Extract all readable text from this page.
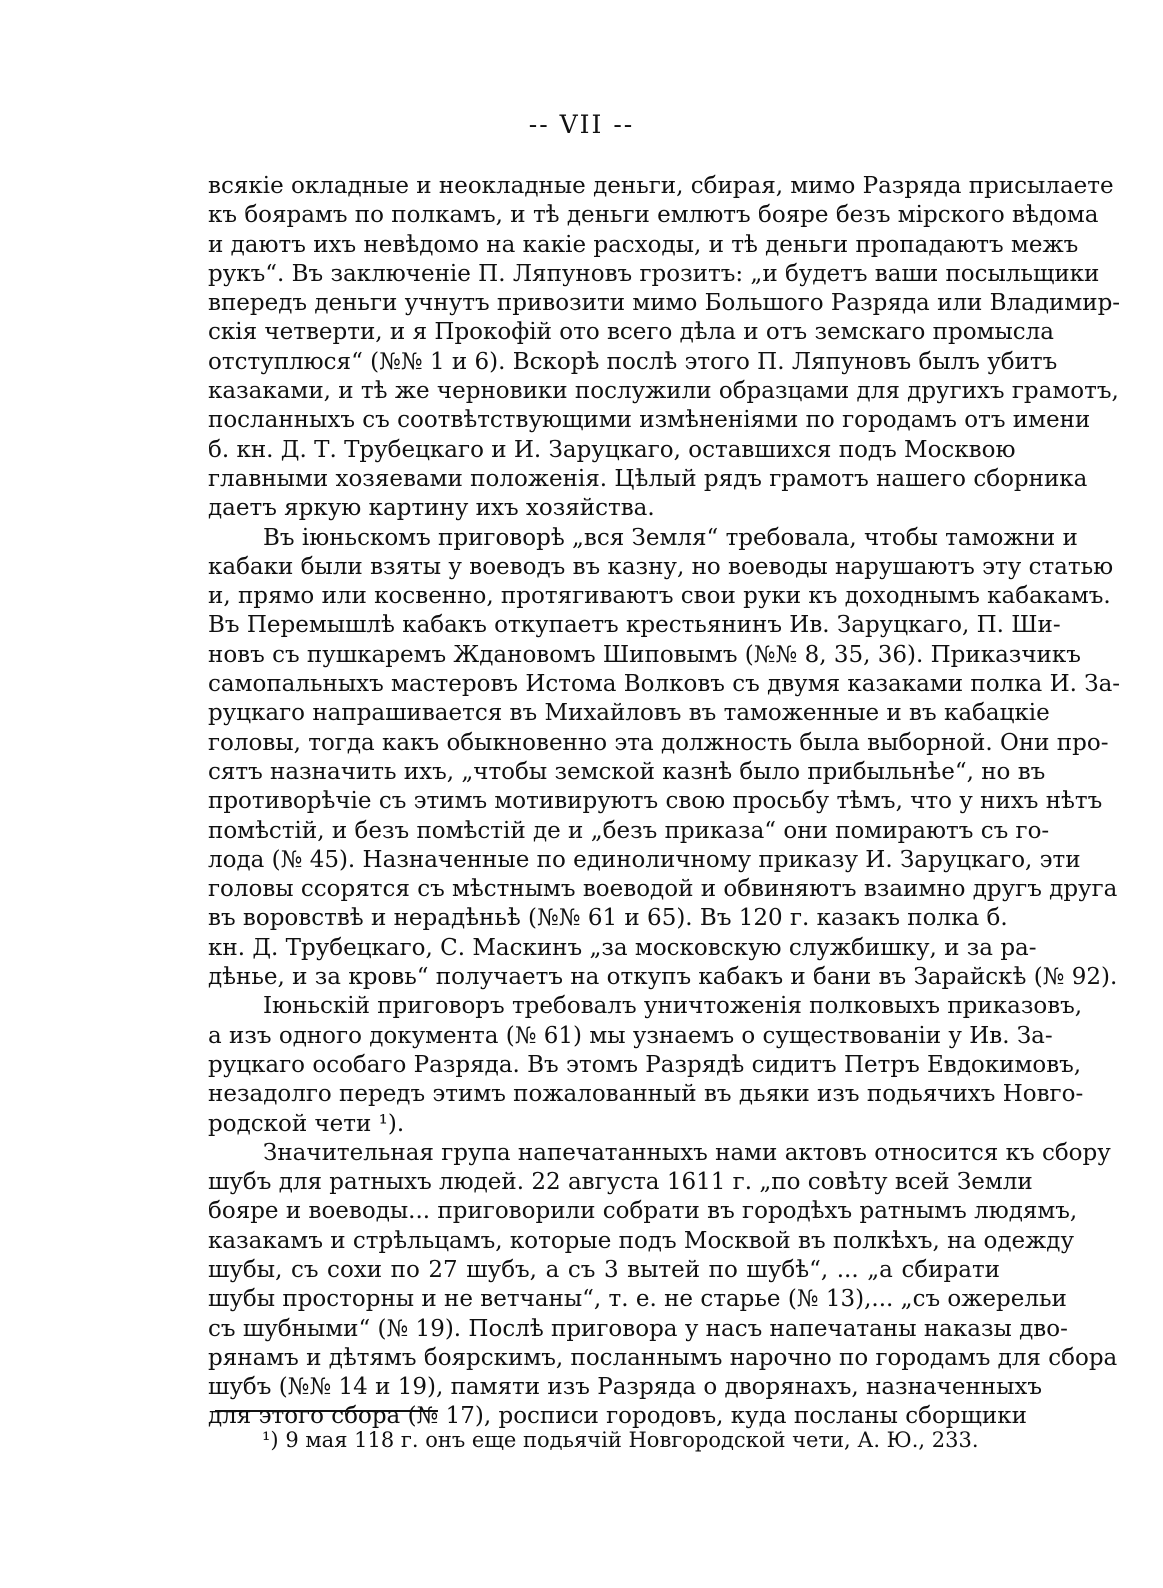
-- VII --
всякіе окладные и неокладные деньги, сбирая, мимо Разряда присылаете
къ боярамъ по полкамъ, и тѣ деньги емлютъ бояре безъ мірского вѣдома
и даютъ ихъ невѣдомо на какіе расходы, и тѣ деньги пропадаютъ межъ
рукъ“. Въ заключеніе П. Ляпуновъ грозитъ: „и будетъ ваши посыльщики
впередъ деньги учнутъ привозити мимо Большого Разряда или Владимир-
скія четверти, и я Прокофій ото всего дѣла и отъ земскаго промысла
отступлюся“ (№№ 1 и 6). Вскорѣ послѣ этого П. Ляпуновъ былъ убитъ
казаками, и тѣ же черновики послужили образцами для другихъ грамотъ,
посланныхъ съ соотвѣтствующими измѣненіями по городамъ отъ имени
б. кн. Д. Т. Трубецкаго и И. Заруцкаго, оставшихся подъ Москвою
главными хозяевами положенія. Цѣлый рядъ грамотъ нашего сборника
даетъ яркую картину ихъ хозяйства.
Въ іюньскомъ приговорѣ „вся Земля“ требовала, чтобы таможни и
кабаки были взяты у воеводъ въ казну, но воеводы нарушаютъ эту статью
и, прямо или косвенно, протягиваютъ свои руки къ доходнымъ кабакамъ.
Въ Перемышлѣ кабакъ откупаетъ крестьянинъ Ив. Заруцкаго, П. Ши-
новъ съ пушкаремъ Ждановомъ Шиповымъ (№№ 8, 35, 36). Приказчикъ
самопальныхъ мастеровъ Истома Волковъ съ двумя казаками полка И. За-
руцкаго напрашивается въ Михайловъ въ таможенные и въ кабацкіе
головы, тогда какъ обыкновенно эта должность была выборной. Они про-
сятъ назначить ихъ, „чтобы земской казнѣ было прибыльнѣе“, но въ
противорѣчіе съ этимъ мотивируютъ свою просьбу тѣмъ, что у нихъ нѣтъ
помѣстій, и безъ помѣстій де и „безъ приказа“ они помираютъ съ го-
лода (№ 45). Назначенные по единоличному приказу И. Заруцкаго, эти
головы ссорятся съ мѣстнымъ воеводой и обвиняютъ взаимно другъ друга
въ воровствѣ и нерадѣньѣ (№№ 61 и 65). Въ 120 г. казакъ полка б.
кн. Д. Трубецкаго, С. Маскинъ „за московскую службишку, и за ра-
дѣнье, и за кровь“ получаетъ на откупъ кабакъ и бани въ Зарайскѣ (№ 92).
Іюньскій приговоръ требовалъ уничтоженія полковыхъ приказовъ,
а изъ одного документа (№ 61) мы узнаемъ о существованіи у Ив. За-
руцкаго особаго Разряда. Въ этомъ Разрядѣ сидитъ Петръ Евдокимовъ,
незадолго передъ этимъ пожалованный въ дьяки изъ подьячихъ Новго-
родской чети ¹).
Значительная група напечатанныхъ нами актовъ относится къ сбору
шубъ для ратныхъ людей. 22 августа 1611 г. „по совѣту всей Земли
бояре и воеводы... приговорили собрати въ городѣхъ ратнымъ людямъ,
казакамъ и стрѣльцамъ, которые подъ Москвой въ полкѣхъ, на одежду
шубы, съ сохи по 27 шубъ, а съ 3 вытей по шубѣ“, ... „а сбирати
шубы просторны и не ветчаны“, т. е. не старье (№ 13),... „съ ожерельи
съ шубными“ (№ 19). Послѣ приговора у насъ напечатаны наказы дво-
рянамъ и дѣтямъ боярскимъ, посланнымъ нарочно по городамъ для сбора
шубъ (№№ 14 и 19), памяти изъ Разряда о дворянахъ, назначенныхъ
для этого сбора (№ 17), росписи городовъ, куда посланы сборщики
¹) 9 мая 118 г. онъ еще подьячій Новгородской чети, А. Ю., 233.
